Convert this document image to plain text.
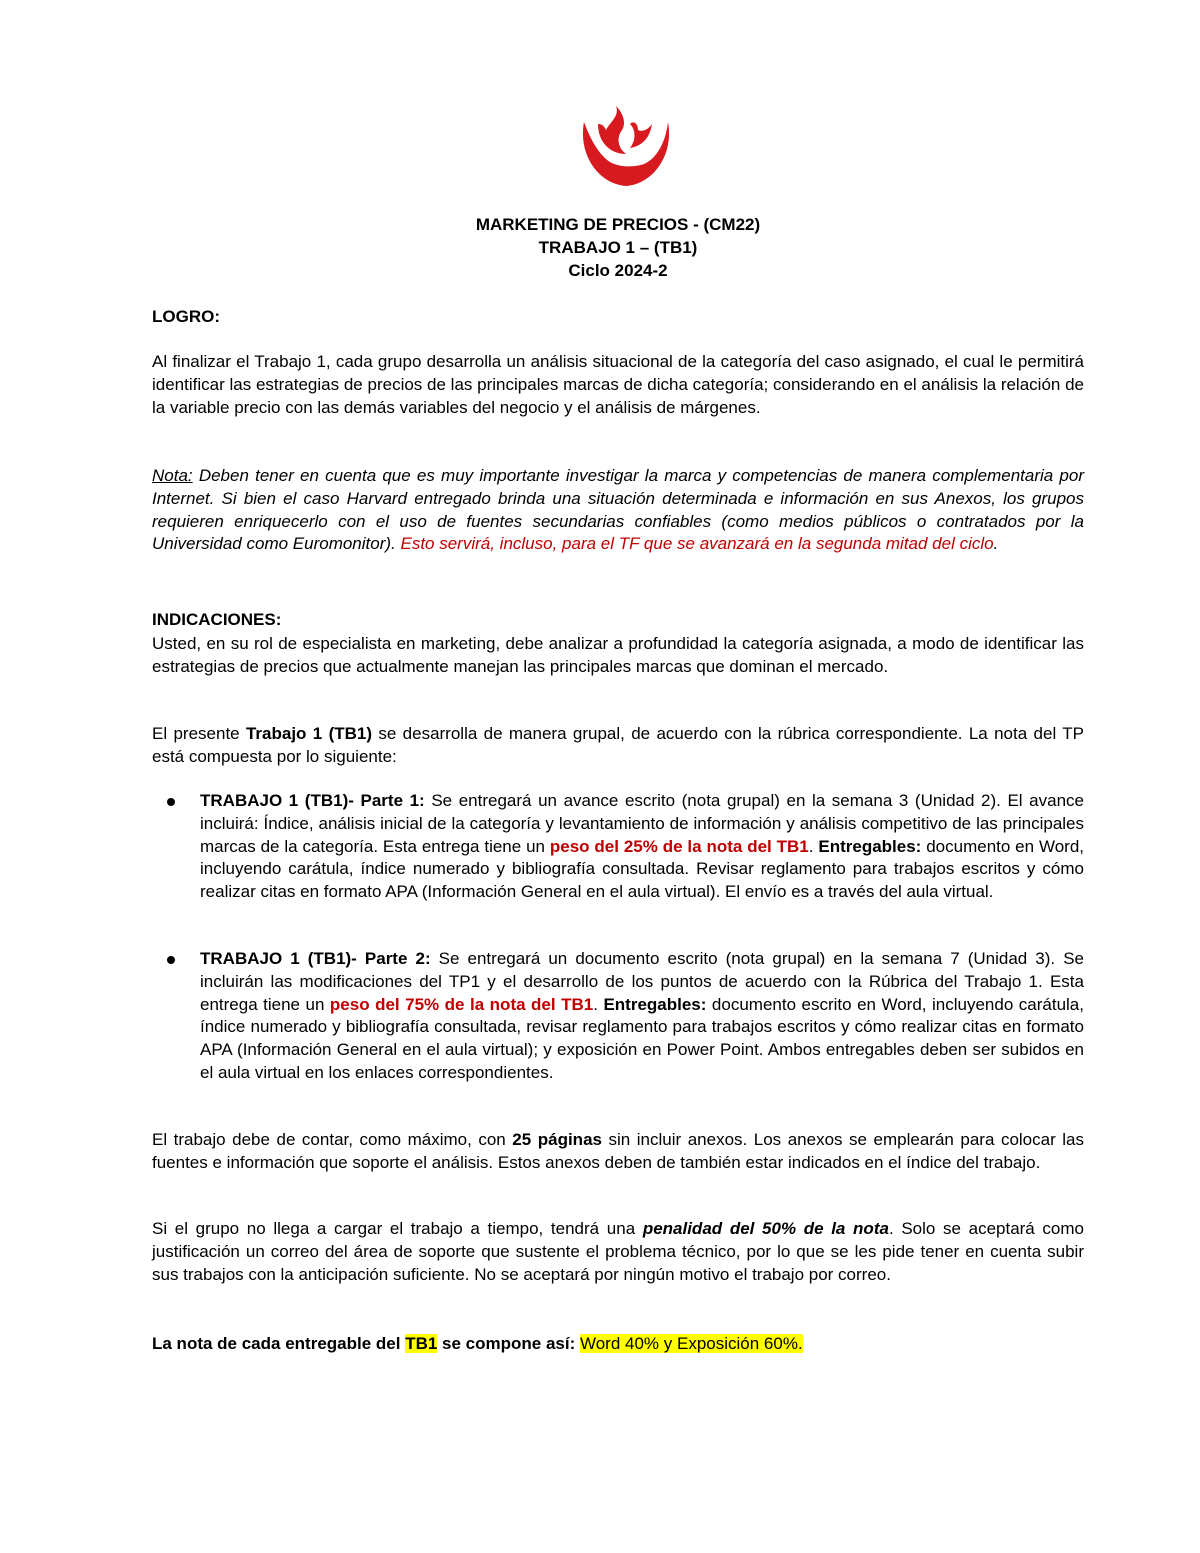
MARKETING DE PRECIOS - (CM22)
TRABAJO 1 – (TB1)
Ciclo 2024-2
LOGRO:
Al finalizar el Trabajo 1, cada grupo desarrolla un análisis situacional de la categoría del caso asignado, el cual le permitirá identificar las estrategias de precios de las principales marcas de dicha categoría; considerando en el análisis la relación de la variable precio con las demás variables del negocio y el análisis de márgenes.
Nota: Deben tener en cuenta que es muy importante investigar la marca y competencias de manera complementaria por Internet. Si bien el caso Harvard entregado brinda una situación determinada e información en sus Anexos, los grupos requieren enriquecerlo con el uso de fuentes secundarias confiables (como medios públicos o contratados por la Universidad como Euromonitor). Esto servirá, incluso, para el TF que se avanzará en la segunda mitad del ciclo.
INDICACIONES:
Usted, en su rol de especialista en marketing, debe analizar a profundidad la categoría asignada, a modo de identificar las estrategias de precios que actualmente manejan las principales marcas que dominan el mercado.
El presente Trabajo 1 (TB1) se desarrolla de manera grupal, de acuerdo con la rúbrica correspondiente. La nota del TP está compuesta por lo siguiente:
TRABAJO 1 (TB1)- Parte 1: Se entregará un avance escrito (nota grupal) en la semana 3 (Unidad 2). El avance incluirá: Índice, análisis inicial de la categoría y levantamiento de información y análisis competitivo de las principales marcas de la categoría. Esta entrega tiene un peso del 25% de la nota del TB1. Entregables: documento en Word, incluyendo carátula, índice numerado y bibliografía consultada. Revisar reglamento para trabajos escritos y cómo realizar citas en formato APA (Información General en el aula virtual). El envío es a través del aula virtual.
TRABAJO 1 (TB1)- Parte 2: Se entregará un documento escrito (nota grupal) en la semana 7 (Unidad 3). Se incluirán las modificaciones del TP1 y el desarrollo de los puntos de acuerdo con la Rúbrica del Trabajo 1. Esta entrega tiene un peso del 75% de la nota del TB1. Entregables: documento escrito en Word, incluyendo carátula, índice numerado y bibliografía consultada, revisar reglamento para trabajos escritos y cómo realizar citas en formato APA (Información General en el aula virtual); y exposición en Power Point. Ambos entregables deben ser subidos en el aula virtual en los enlaces correspondientes.
El trabajo debe de contar, como máximo, con 25 páginas sin incluir anexos. Los anexos se emplearán para colocar las fuentes e información que soporte el análisis. Estos anexos deben de también estar indicados en el índice del trabajo.
Si el grupo no llega a cargar el trabajo a tiempo, tendrá una penalidad del 50% de la nota. Solo se aceptará como justificación un correo del área de soporte que sustente el problema técnico, por lo que se les pide tener en cuenta subir sus trabajos con la anticipación suficiente. No se aceptará por ningún motivo el trabajo por correo.
La nota de cada entregable del TB1 se compone así: Word 40% y Exposición 60%.
